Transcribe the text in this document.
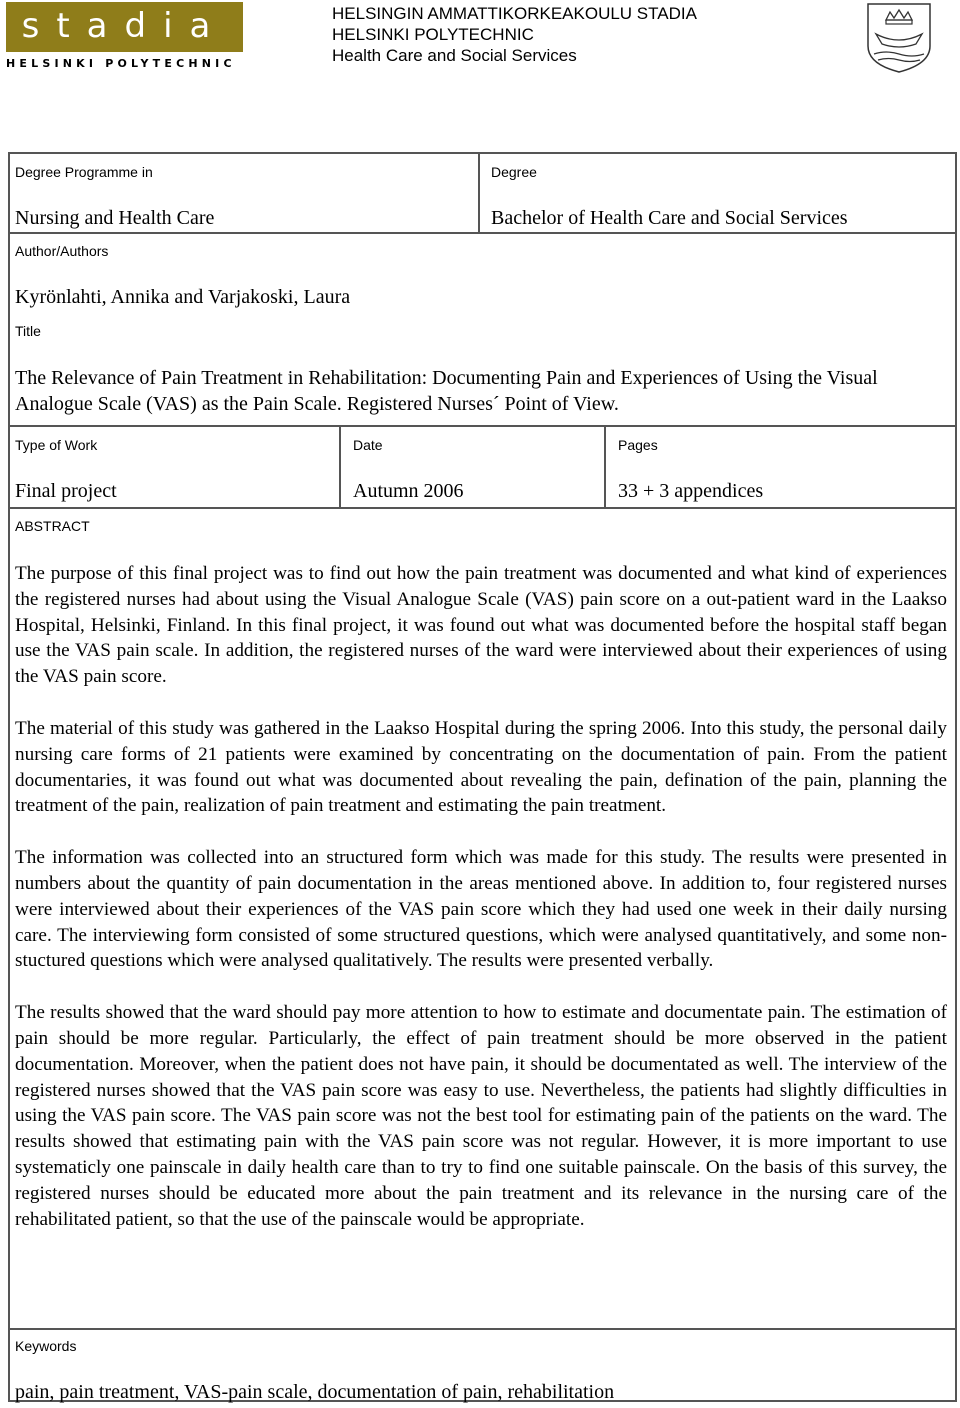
stadia
HELSINKI POLYTECHNIC
HELSINGIN AMMATTIKORKEAKOULU STADIA
HELSINKI POLYTECHNIC
Health Care and Social Services
Degree Programme in
Nursing and Health Care
Degree
Bachelor of Health Care and Social Services
Author/Authors
Kyrönlahti, Annika and Varjakoski, Laura
Title
Type of Work
Final project
Date
Autumn 2006
Pages
33 + 3 appendices
ABSTRACT
Keywords
pain, pain treatment, VAS-pain scale, documentation of pain, rehabilitation
The Relevance of Pain Treatment in Rehabilitation: Documenting Pain and Experiences of Using the Visual Analogue Scale (VAS) as the Pain Scale. Registered Nurses´ Point of View.

The purpose of this final project was to find out how the pain treatment was documented and what kind of experiences the registered nurses had about using the Visual Analogue Scale (VAS) pain score on a out-patient ward in the Laakso Hospital, Helsinki, Finland. In this final project, it was found out what was documented before the hospital staff began use the VAS pain scale. In addition, the registered nurses of the ward were interviewed about their experiences of using the VAS pain score.

The material of this study was gathered in the Laakso Hospital during the spring 2006. Into this study, the personal daily nursing care forms of 21 patients were examined by concentrating on the documentation of pain. From the patient documentaries, it was found out what was documented about revealing the pain, defination of the pain, planning the treatment of the pain, realization of pain treatment and estimating the pain treatment.

The information was collected into an structured form which was made for this study. The results were presented in numbers about the quantity of pain documentation in the areas mentioned above. In addition to, four registered nurses were interviewed about their experiences of the VAS pain score which they had used one week in their daily nursing care. The interviewing form consisted of some structured questions, which were analysed quantitatively, and some non-stuctured questions which were analysed qualitatively. The results were presented verbally.

The results showed that the ward should pay more attention to how to estimate and documentate pain. The estimation of pain should be more regular. Particularly, the effect of pain treatment should be more observed in the patient documentation. Moreover, when the patient does not have pain, it should be documentated as well. The interview of the registered nurses showed that the VAS pain score was easy to use. Nevertheless, the patients had slightly difficulties in using the VAS pain score. The VAS pain score was not the best tool for estimating pain of the patients on the ward. The results showed that estimating pain with the VAS pain score was not regular. However, it is more important to use systematicly one painscale in daily health care than to try to find one suitable painscale. On the basis of this survey, the registered nurses should be educated more about the pain treatment and its relevance in the nursing care of the rehabilitated patient, so that the use of the painscale would be appropriate.
